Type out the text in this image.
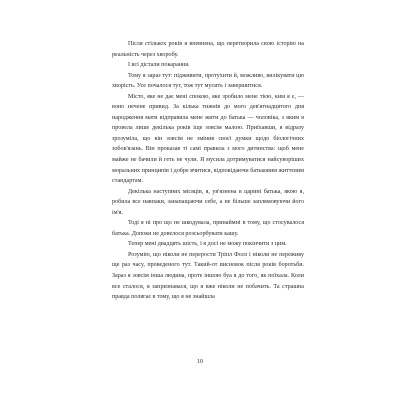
Після стількох років я впевнена, що перетворила свою історію на реальність через хворобу.

І всі дістали покарання.

Тому я зараз тут: підживити, протухити й, можливо, вилікувати цю хворість. Усе почалося тут, тож тут мусить і завершитися.

Місто, яке не дає мені спокою, яке зробило мене тією, ким я є, — воно нечене привид. За кілька тижнів до мого дев'ятнадцятого дня народження мати відправила мене жити до батька — чоловіка, з яким я провела лише декілька років іще зовсім малою. Приїхавши, я відразу зрозуміла, що він зовсім не змінив своєї думки щодо біологічних зобов'язань. Він проказав ті самі правила з мого дитинства: щоб мене майже не бачили й геть не чули. Я мусила дотримуватися найсуворіших моральних принципів і добре вчитися, відповідаючи батьковим життєвим стандартам.

Декілька наступних місяців, я, ув'язнена в царині батька, якою я, робила все навпаки, занапащаючи себе, а не більше заплямовуючи його ім'я.

Тоді я ні про що не шкодувала, принаймні в тому, що стосувалося батька. Допоки не довелося розсьорбувати кашу.

Тепер мені двадцять шість, і я досі не можу покінчити з цим.

Розумію, що ніколи не перерости Тріпл Фолз і ніколи не переживу ще раз часу, проведеного тут. Такий-от висновок після років боротьби. Зараз я зовсім інша людина, проте іншою буа я до того, як поїхала. Коли все сталося, я запризнавася, що я вже ніколи не побачить. Та страшна правда полягає в тому, що я не знайшла

10
